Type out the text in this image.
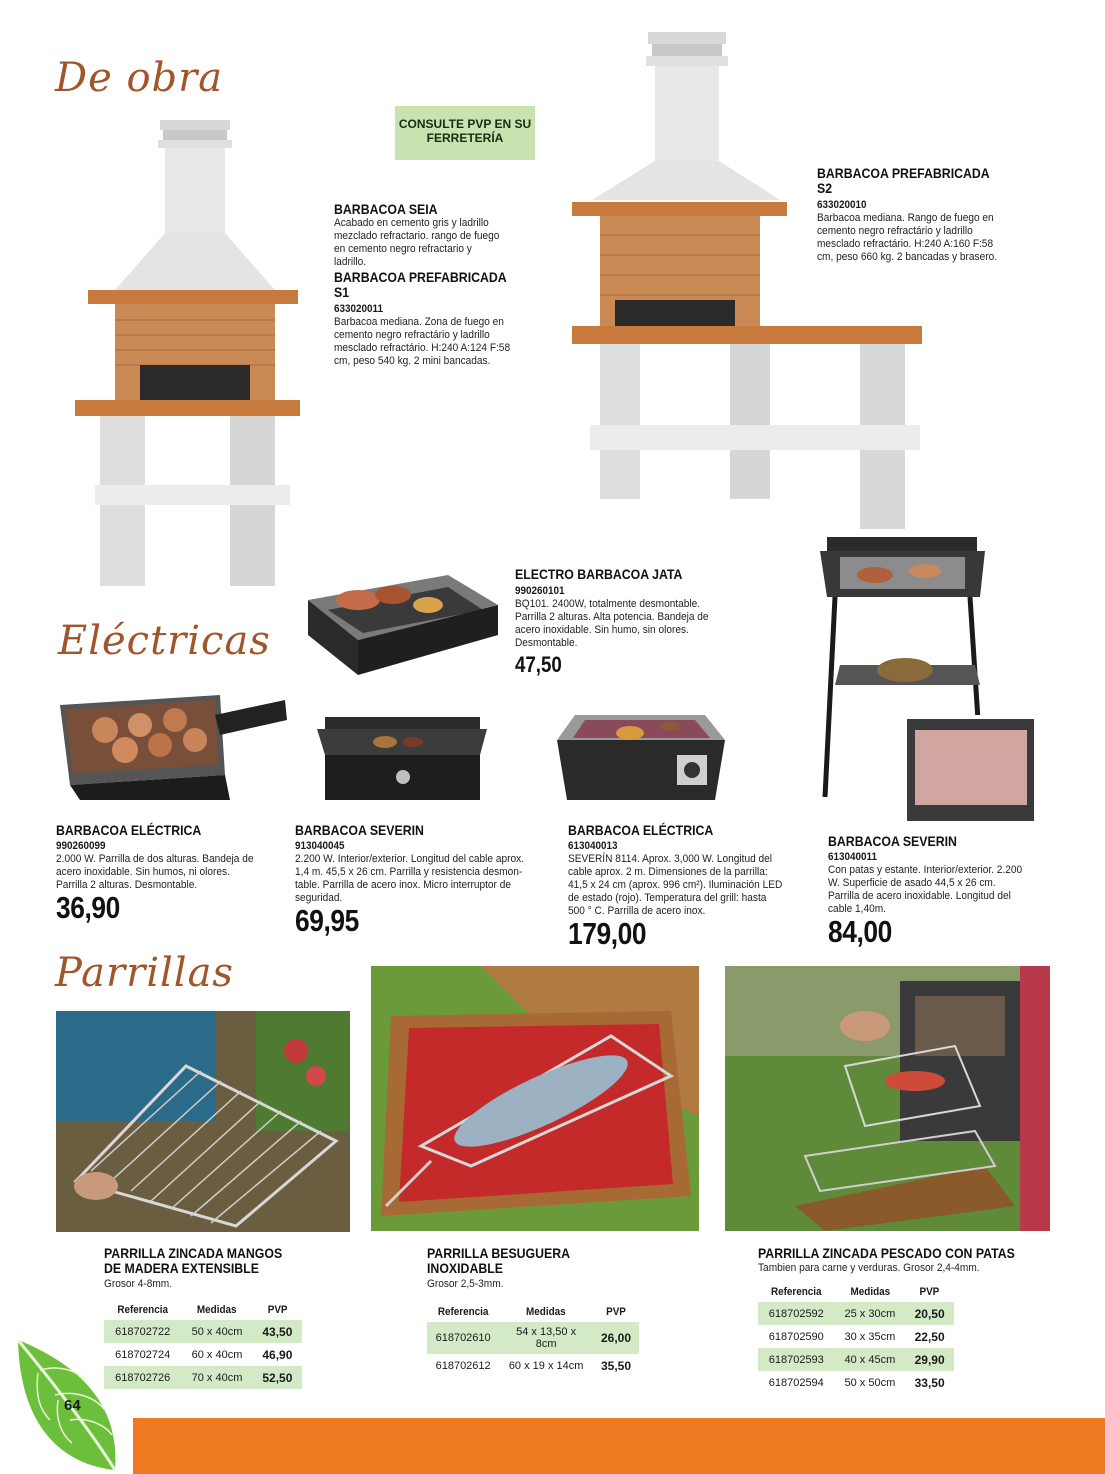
De obra
CONSULTE PVP EN SU FERRETERÍA
BARBACOA SEIA
Acabado en cemento gris y ladrillo mezclado refractario. rango de fuego en cemento negro refractario y ladrillo.
BARBACOA PREFABRICADA S1
633020011
Barbacoa mediana. Zona de fuego en cemento negro refractário y ladrillo mesclado refractário. H:240 A:124 F:58 cm, peso 540 kg. 2 mini bancadas.
BARBACOA PREFABRICADA S2
633020010
Barbacoa mediana. Rango de fuego en cemento negro refractário y ladrillo mesclado refractário. H:240 A:160 F:58 cm, peso 660 kg. 2 bancadas y brasero.
Eléctricas
ELECTRO BARBACOA JATA
990260101
BQ101. 2400W, totalmente desmontable. Parrilla 2 alturas. Alta potencia. Bandeja de acero inoxidable. Sin humo, sin olores. Desmontable.
47,50
BARBACOA ELÉCTRICA
990260099
2.000 W. Parrilla de dos alturas. Bandeja de acero inoxidable. Sin humos, ni olores. Parrilla 2 alturas. Desmontable.
36,90
BARBACOA SEVERIN
913040045
2.200 W. Interior/exterior. Longitud del cable aprox. 1,4 m. 45,5 x 26 cm. Parrilla y resistencia desmon-table. Parrilla de acero inox. Micro interruptor de seguridad.
69,95
BARBACOA ELÉCTRICA
613040013
SEVERÍN 8114. Aprox. 3,000 W. Longitud del cable aprox. 2 m. Dimensiones de la parrilla: 41,5 x 24 cm (aprox. 996 cm²). Iluminación LED de estado (rojo). Temperatura del grill: hasta 500 ° C. Parrilla de acero inox.
179,00
BARBACOA SEVERIN
613040011
Con patas y estante. Interior/exterior. 2.200 W. Superficie de asado 44,5 x 26 cm. Parrilla de acero inoxidable. Longitud del cable 1,40m.
84,00
Parrillas
PARRILLA ZINCADA MANGOS DE MADERA EXTENSIBLE
Grosor 4-8mm.
Referencia	Medidas	PVP
618702722	50 x 40cm	43,50
618702724	60 x 40cm	46,90
618702726	70 x 40cm	52,50
PARRILLA BESUGUERA INOXIDABLE
Grosor 2,5-3mm.
Referencia	Medidas	PVP
618702610	54 x 13,50 x 8cm	26,00
618702612	60 x 19 x 14cm	35,50
PARRILLA ZINCADA PESCADO CON PATAS
Tambien para carne y verduras. Grosor 2,4-4mm.
Referencia	Medidas	PVP
618702592	25 x 30cm	20,50
618702590	30 x 35cm	22,50
618702593	40 x 45cm	29,90
618702594	50 x 50cm	33,50
64
